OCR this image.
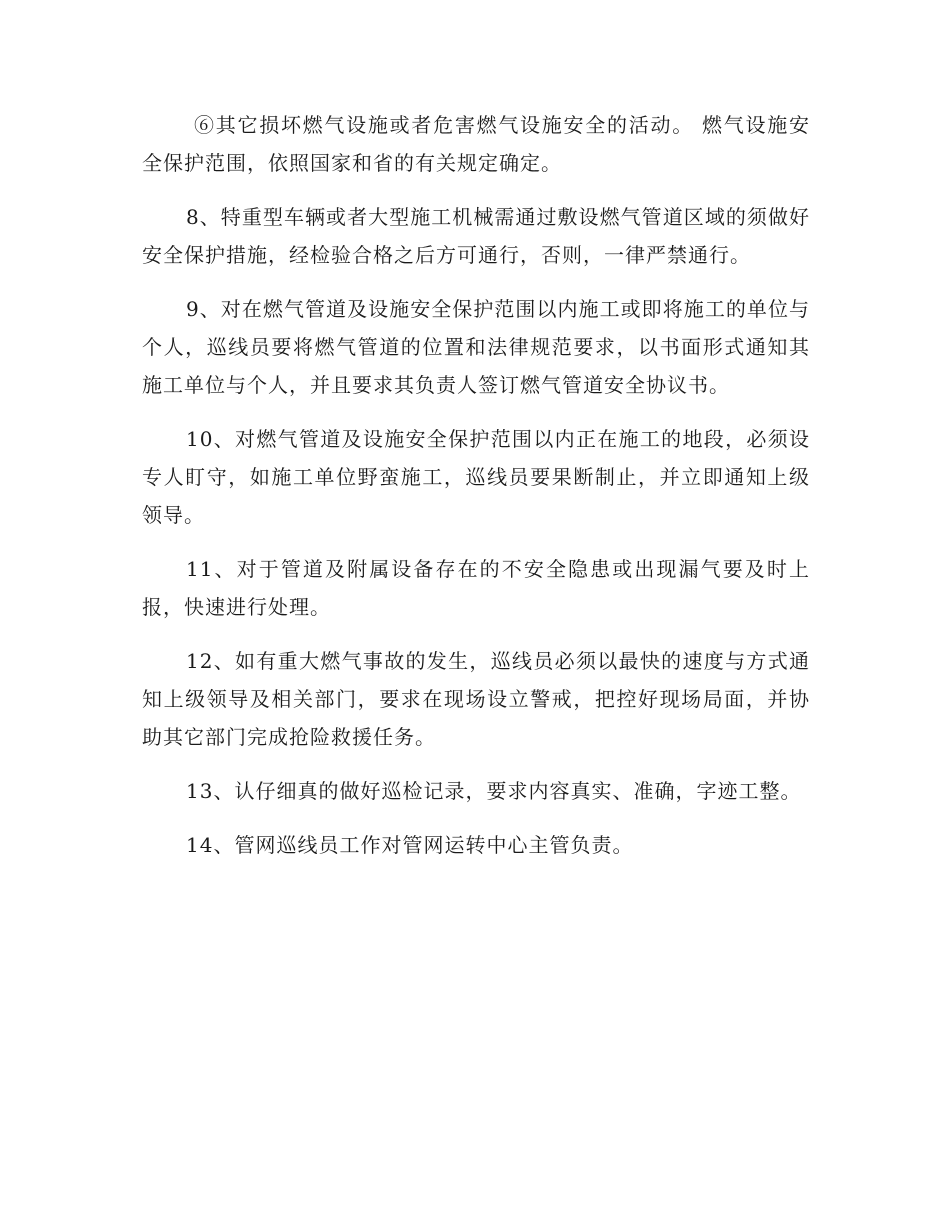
⑥其它损坏燃气设施或者危害燃气设施安全的活动。 燃气设施安全保护范围，依照国家和省的有关规定确定。

8、特重型车辆或者大型施工机械需通过敷设燃气管道区域的须做好安全保护措施，经检验合格之后方可通行，否则，一律严禁通行。

9、对在燃气管道及设施安全保护范围以内施工或即将施工的单位与个人，巡线员要将燃气管道的位置和法律规范要求，以书面形式通知其施工单位与个人，并且要求其负责人签订燃气管道安全协议书。

10、对燃气管道及设施安全保护范围以内正在施工的地段，必须设专人盯守，如施工单位野蛮施工，巡线员要果断制止，并立即通知上级领导。

11、对于管道及附属设备存在的不安全隐患或出现漏气要及时上报，快速进行处理。

12、如有重大燃气事故的发生，巡线员必须以最快的速度与方式通知上级领导及相关部门，要求在现场设立警戒，把控好现场局面，并协助其它部门完成抢险救援任务。

13、认仔细真的做好巡检记录，要求内容真实、准确，字迹工整。

14、管网巡线员工作对管网运转中心主管负责。
